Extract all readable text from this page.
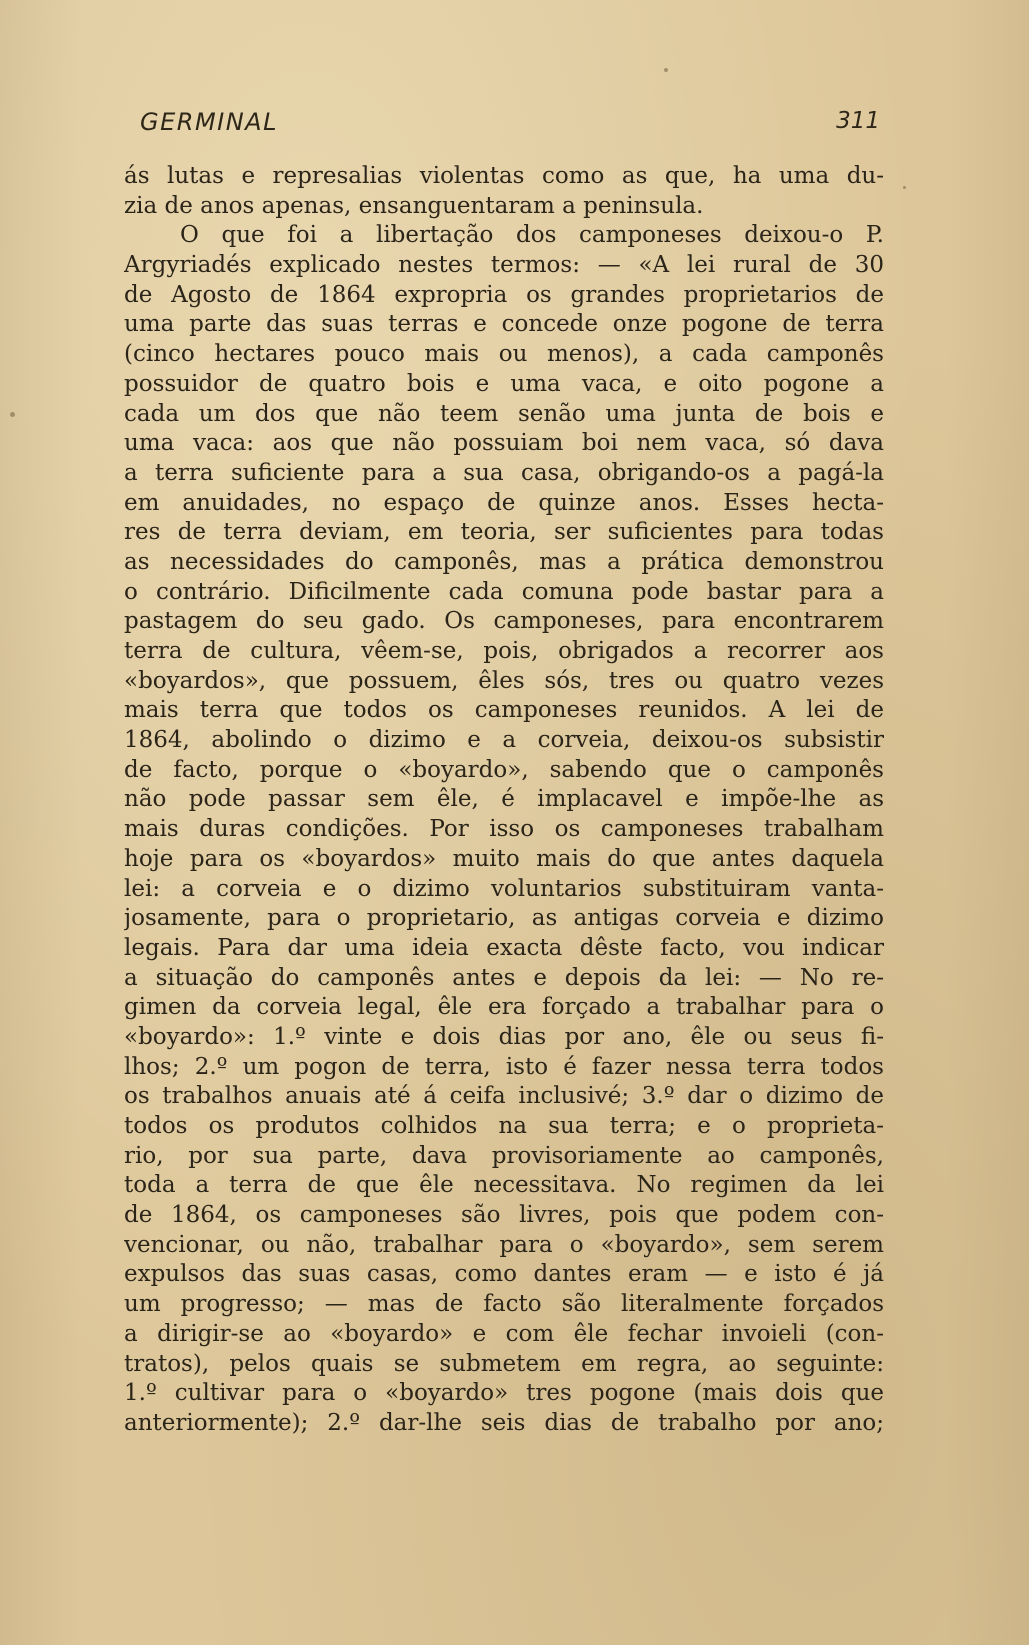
GERMINAL	311
ás lutas e represalias violentas como as que, ha uma du-
zia de anos apenas, ensanguentaram a peninsula.
O que foi a libertação dos camponeses deixou-o P.
Argyriadés explicado nestes termos: — «A lei rural de 30
de Agosto de 1864 expropria os grandes proprietarios de
uma parte das suas terras e concede onze pogone de terra
(cinco hectares pouco mais ou menos), a cada camponês
possuidor de quatro bois e uma vaca, e oito pogone a
cada um dos que não teem senão uma junta de bois e
uma vaca: aos que não possuiam boi nem vaca, só dava
a terra suficiente para a sua casa, obrigando-os a pagá-la
em anuidades, no espaço de quinze anos. Esses hecta-
res de terra deviam, em teoria, ser suficientes para todas
as necessidades do camponês, mas a prática demonstrou
o contrário. Dificilmente cada comuna pode bastar para a
pastagem do seu gado. Os camponeses, para encontrarem
terra de cultura, vêem-se, pois, obrigados a recorrer aos
«boyardos», que possuem, êles sós, tres ou quatro vezes
mais terra que todos os camponeses reunidos. A lei de
1864, abolindo o dizimo e a corveia, deixou-os subsistir
de facto, porque o «boyardo», sabendo que o camponês
não pode passar sem êle, é implacavel e impõe-lhe as
mais duras condições. Por isso os camponeses trabalham
hoje para os «boyardos» muito mais do que antes daquela
lei: a corveia e o dizimo voluntarios substituiram vanta-
josamente, para o proprietario, as antigas corveia e dizimo
legais. Para dar uma ideia exacta dêste facto, vou indicar
a situação do camponês antes e depois da lei: — No re-
gimen da corveia legal, êle era forçado a trabalhar para o
«boyardo»: 1.º vinte e dois dias por ano, êle ou seus fi-
lhos; 2.º um pogon de terra, isto é fazer nessa terra todos
os trabalhos anuais até á ceifa inclusivé; 3.º dar o dizimo de
todos os produtos colhidos na sua terra; e o proprieta-
rio, por sua parte, dava provisoriamente ao camponês,
toda a terra de que êle necessitava. No regimen da lei
de 1864, os camponeses são livres, pois que podem con-
vencionar, ou não, trabalhar para o «boyardo», sem serem
expulsos das suas casas, como dantes eram — e isto é já
um progresso; — mas de facto são literalmente forçados
a dirigir-se ao «boyardo» e com êle fechar invoieli (con-
tratos), pelos quais se submetem em regra, ao seguinte:
1.º cultivar para o «boyardo» tres pogone (mais dois que
anteriormente); 2.º dar-lhe seis dias de trabalho por ano;
